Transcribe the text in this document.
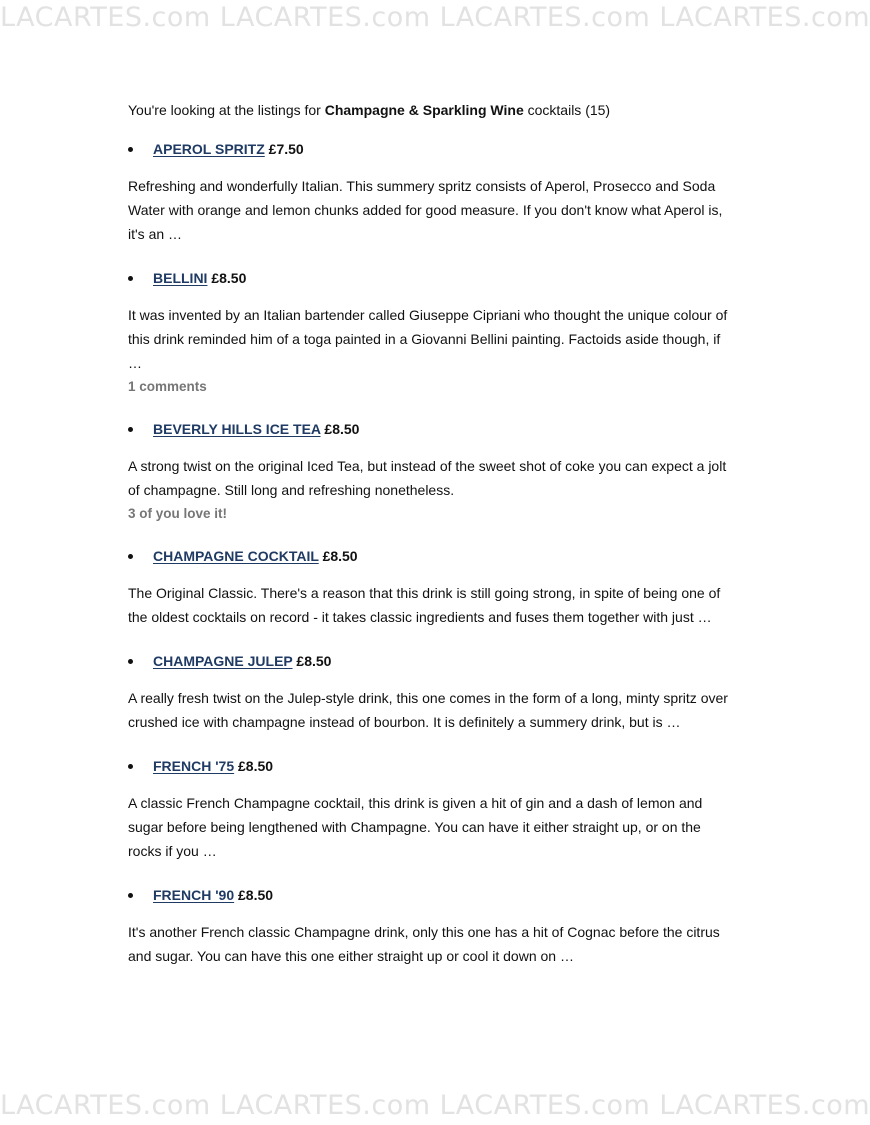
LACARTES.com LACARTES.com LACARTES.com LACARTES.com

You're looking at the listings for Champagne & Sparkling Wine cocktails (15)

APEROL SPRITZ £7.50

Refreshing and wonderfully Italian. This summery spritz consists of Aperol, Prosecco and Soda Water with orange and lemon chunks added for good measure. If you don't know what Aperol is, it's an …

BELLINI £8.50

It was invented by an Italian bartender called Giuseppe Cipriani who thought the unique colour of this drink reminded him of a toga painted in a Giovanni Bellini painting. Factoids aside though, if …

1 comments
BEVERLY HILLS ICE TEA £8.50

A strong twist on the original Iced Tea, but instead of the sweet shot of coke you can expect a jolt of champagne. Still long and refreshing nonetheless.

3 of you love it!
CHAMPAGNE COCKTAIL £8.50

The Original Classic. There's a reason that this drink is still going strong, in spite of being one of the oldest cocktails on record - it takes classic ingredients and fuses them together with just …

CHAMPAGNE JULEP £8.50

A really fresh twist on the Julep-style drink, this one comes in the form of a long, minty spritz over crushed ice with champagne instead of bourbon. It is definitely a summery drink, but is …

FRENCH '75 £8.50

A classic French Champagne cocktail, this drink is given a hit of gin and a dash of lemon and sugar before being lengthened with Champagne. You can have it either straight up, or on the rocks if you …

FRENCH '90 £8.50

It's another French classic Champagne drink, only this one has a hit of Cognac before the citrus and sugar. You can have this one either straight up or cool it down on …

LACARTES.com LACARTES.com LACARTES.com LACARTES.com
